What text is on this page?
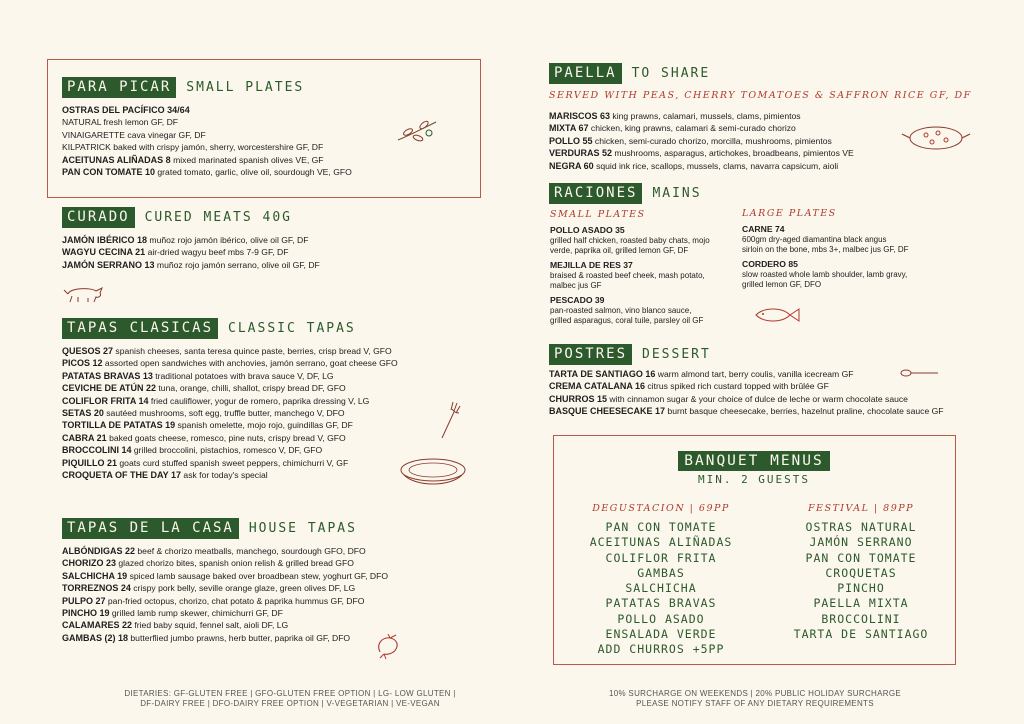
PARA PICAR	SMALL PLATES
OSTRAS DEL PACÍFICO 34/64
NATURAL fresh lemon GF, DF
VINAIGARETTE cava vinegar GF, DF
KILPATRICK baked with crispy jamón, sherry, worcestershire GF, DF
ACEITUNAS ALIÑADAS 8 mixed marinated spanish olives VE, GF
PAN CON TOMATE 10 grated tomato, garlic, olive oil, sourdough VE, GFO
CURADO	CURED MEATS 40G
JAMÓN IBÉRICO 18 muñoz rojo jamón ibérico, olive oil GF, DF
WAGYU CECINA 21 air-dried wagyu beef mbs 7-9 GF, DF
JAMÓN SERRANO 13 muñoz rojo jamón serrano, olive oil GF, DF
TAPAS CLASICAS	CLASSIC TAPAS
QUESOS 27 spanish cheeses, santa teresa quince paste, berries, crisp bread V, GFO
PICOS 12 assorted open sandwiches with anchovies, jamón serrano, goat cheese GFO
PATATAS BRAVAS 13 traditional potatoes with brava sauce V, DF, LG
CEVICHE DE ATÚN 22 tuna, orange, chilli, shallot, crispy bread DF, GFO
COLIFLOR FRITA 14 fried cauliflower, yogur de romero, paprika dressing V, LG
SETAS 20 sautéed mushrooms, soft egg, truffle butter, manchego V, DFO
TORTILLA DE PATATAS 19 spanish omelette, mojo rojo, guindillas GF, DF
CABRA 21 baked goats cheese, romesco, pine nuts, crispy bread V, GFO
BROCCOLINI 14 grilled broccolini, pistachios, romesco V, DF, GFO
PIQUILLO 21 goats curd stuffed spanish sweet peppers, chimichurri V, GF
CROQUETA OF THE DAY 17 ask for today's special
TAPAS DE LA CASA	HOUSE TAPAS
ALBÓNDIGAS 22 beef & chorizo meatballs, manchego, sourdough GFO, DFO
CHORIZO 23 glazed chorizo bites, spanish onion relish & grilled bread GFO
SALCHICHA 19 spiced lamb sausage baked over broadbean stew, yoghurt GF, DFO
TORREZNOS 24 crispy pork belly, seville orange glaze, green olives DF, LG
PULPO 27 pan-fried octopus, chorizo, chat potato & paprika hummus GF, DFO
PINCHO 19 grilled lamb rump skewer, chimichurri GF, DF
CALAMARES 22 fried baby squid, fennel salt, aioli DF, LG
GAMBAS (2) 18 butterflied jumbo prawns, herb butter, paprika oil GF, DFO
DIETARIES: GF-GLUTEN FREE | GFO-GLUTEN FREE OPTION | LG- LOW GLUTEN |
DF-DAIRY FREE | DFO-DAIRY FREE OPTION | V-VEGETARIAN | VE-VEGAN
PAELLA	TO SHARE
SERVED WITH PEAS, CHERRY TOMATOES & SAFFRON RICE GF, DF
MARISCOS 63 king prawns, calamari, mussels, clams, pimientos
MIXTA 67 chicken, king prawns, calamari & semi-curado chorizo
POLLO 55 chicken, semi-curado chorizo, morcilla, mushrooms, pimientos
VERDURAS 52 mushrooms, asparagus, artichokes, broadbeans, pimientos VE
NEGRA 60 squid ink rice, scallops, mussels, clams, navarra capsicum, aioli
RACIONES	MAINS
SMALL PLATES
POLLO ASADO 35
grilled half chicken, roasted baby chats, mojo
verde, paprika oil, grilled lemon GF, DF
MEJILLA DE RES 37
braised & roasted beef cheek, mash potato,
malbec jus GF
PESCADO 39
pan-roasted salmon, vino blanco sauce,
grilled asparagus, coral tuile, parsley oil GF
LARGE PLATES
CARNE 74
600gm dry-aged diamantina black angus
sirloin on the bone, mbs 3+, malbec jus GF, DF
CORDERO 85
slow roasted whole lamb shoulder, lamb gravy,
grilled lemon GF, DFO
POSTRES	DESSERT
TARTA DE SANTIAGO 16 warm almond tart, berry coulis, vanilla icecream GF
CREMA CATALANA 16 citrus spiked rich custard topped with brûlée GF
CHURROS 15 with cinnamon sugar & your choice of dulce de leche or warm chocolate sauce
BASQUE CHEESECAKE 17 burnt basque cheesecake, berries, hazelnut praline, chocolate sauce GF
BANQUET MENUS
MIN. 2 GUESTS
DEGUSTACION | 69PP
PAN CON TOMATE
ACEITUNAS ALIÑADAS
COLIFLOR FRITA
GAMBAS
SALCHICHA
PATATAS BRAVAS
POLLO ASADO
ENSALADA VERDE
ADD CHURROS +5PP
FESTIVAL | 89PP
OSTRAS NATURAL
JAMÓN SERRANO
PAN CON TOMATE
CROQUETAS
PINCHO
PAELLA MIXTA
BROCCOLINI
TARTA DE SANTIAGO
10% SURCHARGE ON WEEKENDS | 20% PUBLIC HOLIDAY SURCHARGE
PLEASE NOTIFY STAFF OF ANY DIETARY REQUIREMENTS
